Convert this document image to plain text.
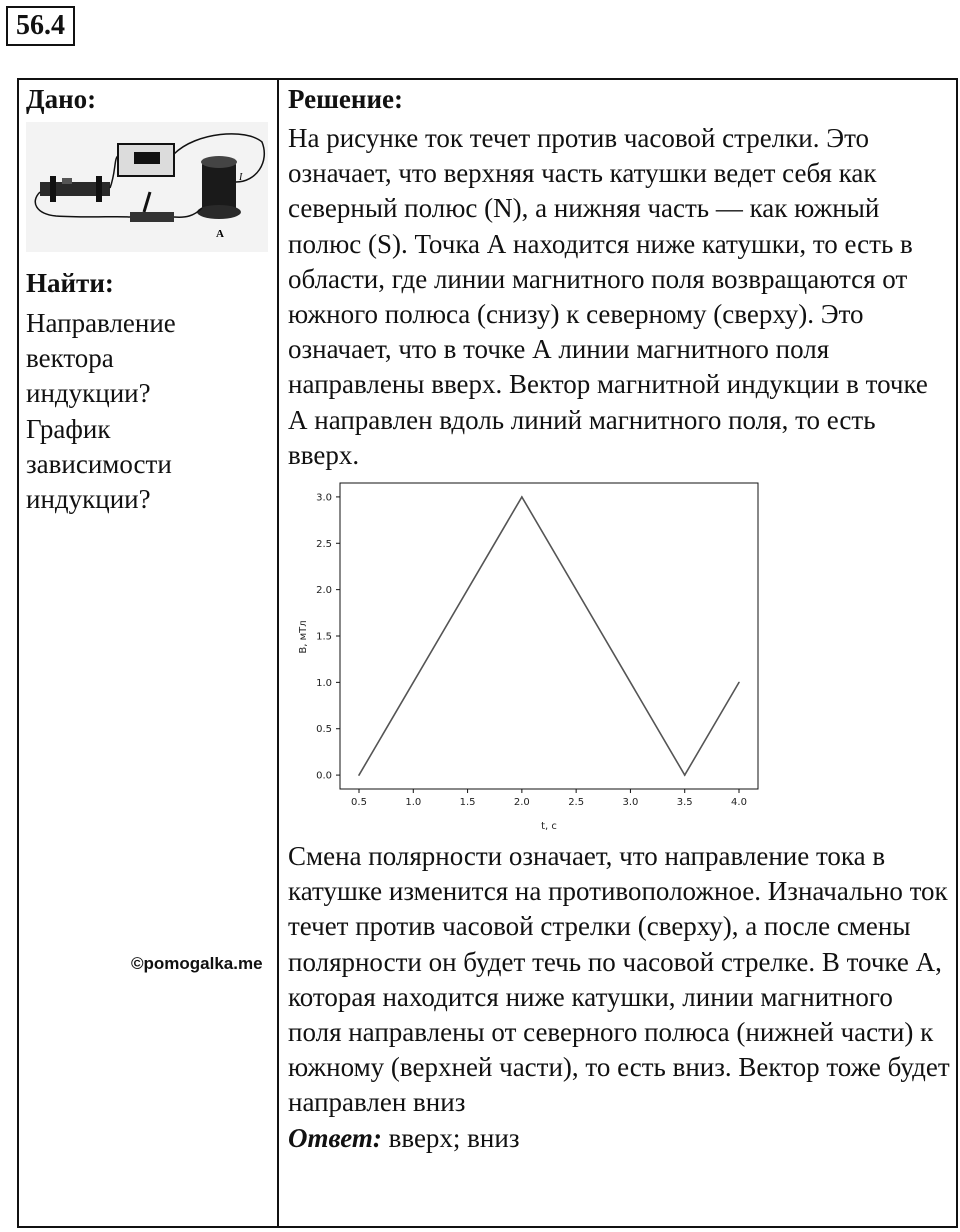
56.4
Дано:
I
A
Найти:
Направление вектора индукции? График зависимости индукции?
Решение:
На рисунке ток течет против часовой стрелки. Это означает, что верхняя часть катушки ведет себя как северный полюс (N), а нижняя часть — как южный полюс (S). Точка А находится ниже катушки, то есть в области, где линии магнитного поля возвращаются от южного полюса (снизу) к северному (сверху). Это означает, что в точке А линии магнитного поля направлены вверх. Вектор магнитной индукции в точке А направлен вдоль линий магнитного поля, то есть вверх.
0.5	1.0	1.5	2.0	2.5	3.0	3.5	4.0
0.0
0.5
1.0
1.5
2.0
2.5
3.0
t, c
B, мТл
Смена полярности означает, что направление тока в катушке изменится на противоположное. Изначально ток течет против часовой стрелки (сверху), а после смены полярности он будет течь по часовой стрелке. В точке А, которая находится ниже катушки, линии магнитного поля направлены от северного полюса (нижней части) к южному (верхней части), то есть вниз. Вектор тоже будет направлен вниз
Ответ: вверх; вниз
©pomogalka.me
